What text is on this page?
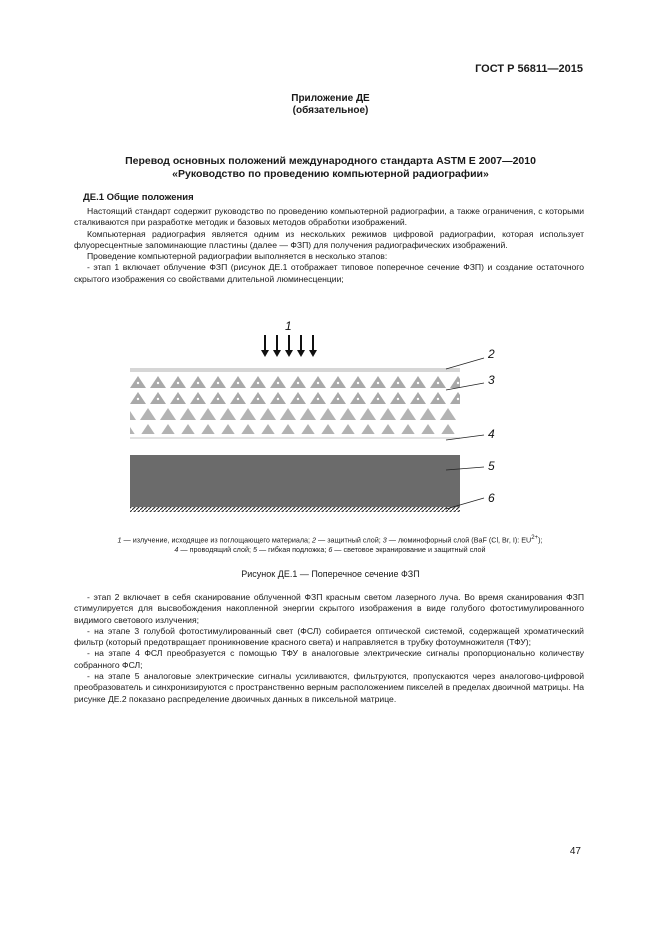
ГОСТ Р 56811—2015
Приложение ДЕ
(обязательное)
Перевод основных положений международного стандарта ASTM E 2007—2010
«Руководство по проведению компьютерной радиографии»
ДЕ.1 Общие положения
Настоящий стандарт содержит руководство по проведению компьютерной радиографии, а также ограничения, с которыми сталкиваются при разработке методик и базовых методов обработки изображений.
Компьютерная радиография является одним из нескольких режимов цифровой радиографии, которая использует флуоресцентные запоминающие пластины (далее — ФЗП) для получения радиографических изображений.
Проведение компьютерной радиографии выполняется в несколько этапов:
- этап 1 включает облучение ФЗП (рисунок ДЕ.1 отображает типовое поперечное сечение ФЗП) и создание остаточного скрытого изображения со свойствами длительной люминесценции;
1
2
3
4
5
6
1 — излучение, исходящее из поглощающего материала; 2 — защитный слой; 3 — люминофорный слой (BaF (Cl, Br, I): $EU^{2+}$);
4 — проводящий слой; 5 — гибкая подложка; 6 — световое экранирование и защитный слой
Рисунок ДЕ.1 — Поперечное сечение ФЗП
- этап 2 включает в себя сканирование облученной ФЗП красным светом лазерного луча. Во время сканирования ФЗП стимулируется для высвобождения накопленной энергии скрытого изображения в виде голубого фотостимулированного видимого светового излучения;
- на этапе 3 голубой фотостимулированный свет (ФСЛ) собирается оптической системой, содержащей хроматический фильтр (который предотвращает проникновение красного света) и направляется в трубку фотоумножителя (ТФУ);
- на этапе 4 ФСЛ преобразуется с помощью ТФУ в аналоговые электрические сигналы пропорционально количеству собранного ФСЛ;
- на этапе 5 аналоговые электрические сигналы усиливаются, фильтруются, пропускаются через аналогово-цифровой преобразователь и синхронизируются с пространственно верным расположением пикселей в пределах двоичной матрицы. На рисунке ДЕ.2 показано распределение двоичных данных в пиксельной матрице.
47
